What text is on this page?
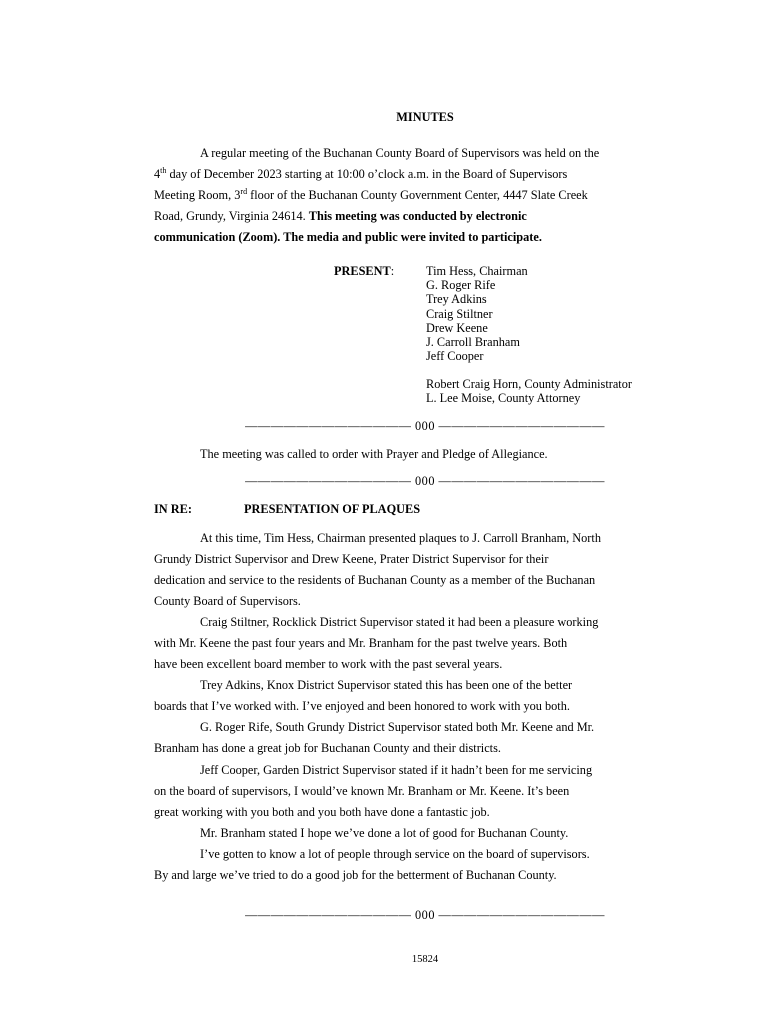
MINUTES
A regular meeting of the Buchanan County Board of Supervisors was held on the
4th day of December 2023 starting at 10:00 o’clock a.m. in the Board of Supervisors
Meeting Room, 3rd floor of the Buchanan County Government Center, 4447 Slate Creek
Road, Grundy, Virginia 24614. This meeting was conducted by electronic
communication (Zoom). The media and public were invited to participate.
PRESENT:	Tim Hess, Chairman
G. Roger Rife
Trey Adkins
Craig Stiltner
Drew Keene
J. Carroll Branham
Jeff Cooper
Robert Craig Horn, County Administrator
L. Lee Moise, County Attorney
————————————— 000 —————————————
The meeting was called to order with Prayer and Pledge of Allegiance.
————————————— 000 —————————————
IN RE:	PRESENTATION OF PLAQUES
At this time, Tim Hess, Chairman presented plaques to J. Carroll Branham, North
Grundy District Supervisor and Drew Keene, Prater District Supervisor for their
dedication and service to the residents of Buchanan County as a member of the Buchanan
County Board of Supervisors.
Craig Stiltner, Rocklick District Supervisor stated it had been a pleasure working
with Mr. Keene the past four years and Mr. Branham for the past twelve years. Both
have been excellent board member to work with the past several years.
Trey Adkins, Knox District Supervisor stated this has been one of the better
boards that I’ve worked with. I’ve enjoyed and been honored to work with you both.
G. Roger Rife, South Grundy District Supervisor stated both Mr. Keene and Mr.
Branham has done a great job for Buchanan County and their districts.
Jeff Cooper, Garden District Supervisor stated if it hadn’t been for me servicing
on the board of supervisors, I would’ve known Mr. Branham or Mr. Keene. It’s been
great working with you both and you both have done a fantastic job.
Mr. Branham stated I hope we’ve done a lot of good for Buchanan County.
I’ve gotten to know a lot of people through service on the board of supervisors.
By and large we’ve tried to do a good job for the betterment of Buchanan County.
————————————— 000 —————————————
15824
